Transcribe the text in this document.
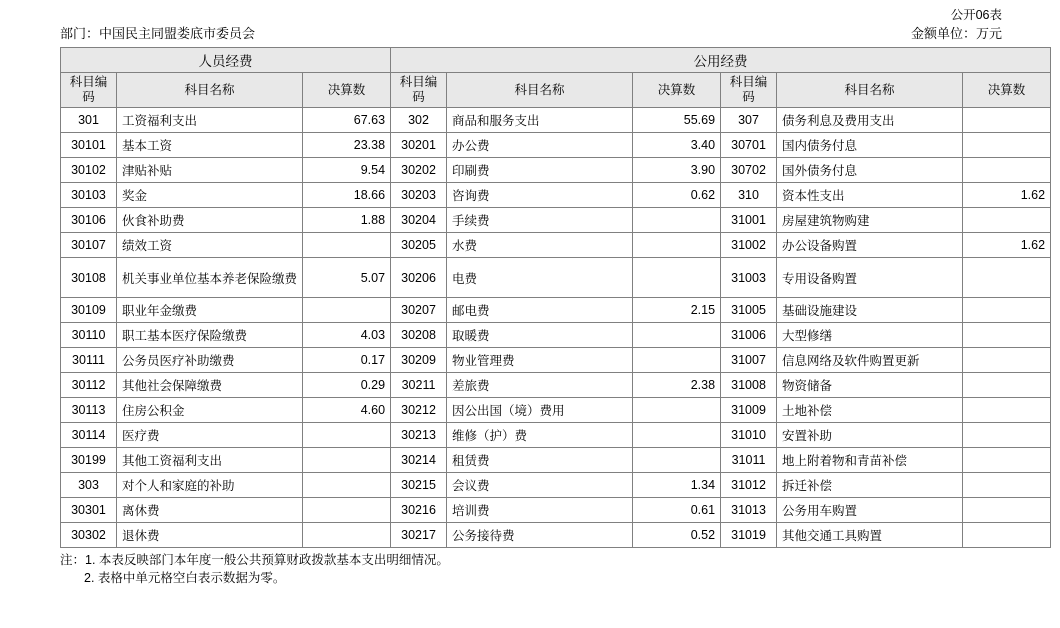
公开06表
部门：中国民主同盟娄底市委员会	金额单位：万元
人员经费			公用经费					
科目编码	科目名称	决算数	科目编码	科目名称	决算数	科目编码	科目名称	决算数
301	工资福利支出	67.63	302	商品和服务支出	55.69	307	债务利息及费用支出	
30101	基本工资	23.38	30201	办公费	3.40	30701	国内债务付息	
30102	津贴补贴	9.54	30202	印刷费	3.90	30702	国外债务付息	
30103	奖金	18.66	30203	咨询费	0.62	310	资本性支出	1.62
30106	伙食补助费	1.88	30204	手续费		31001	房屋建筑物购建	
30107	绩效工资		30205	水费		31002	办公设备购置	1.62
30108	机关事业单位基本养老保险缴费	5.07	30206	电费		31003	专用设备购置	
30109	职业年金缴费		30207	邮电费	2.15	31005	基础设施建设	
30110	职工基本医疗保险缴费	4.03	30208	取暖费		31006	大型修缮	
30111	公务员医疗补助缴费	0.17	30209	物业管理费		31007	信息网络及软件购置更新	
30112	其他社会保障缴费	0.29	30211	差旅费	2.38	31008	物资储备	
30113	住房公积金	4.60	30212	因公出国（境）费用		31009	土地补偿	
30114	医疗费		30213	维修（护）费		31010	安置补助	
30199	其他工资福利支出		30214	租赁费		31011	地上附着物和青苗补偿	
303	对个人和家庭的补助		30215	会议费	1.34	31012	拆迁补偿	
30301	离休费		30216	培训费	0.61	31013	公务用车购置	
30302	退休费		30217	公务接待费	0.52	31019	其他交通工具购置	
注：1. 本表反映部门本年度一般公共预算财政拨款基本支出明细情况。
2. 表格中单元格空白表示数据为零。
